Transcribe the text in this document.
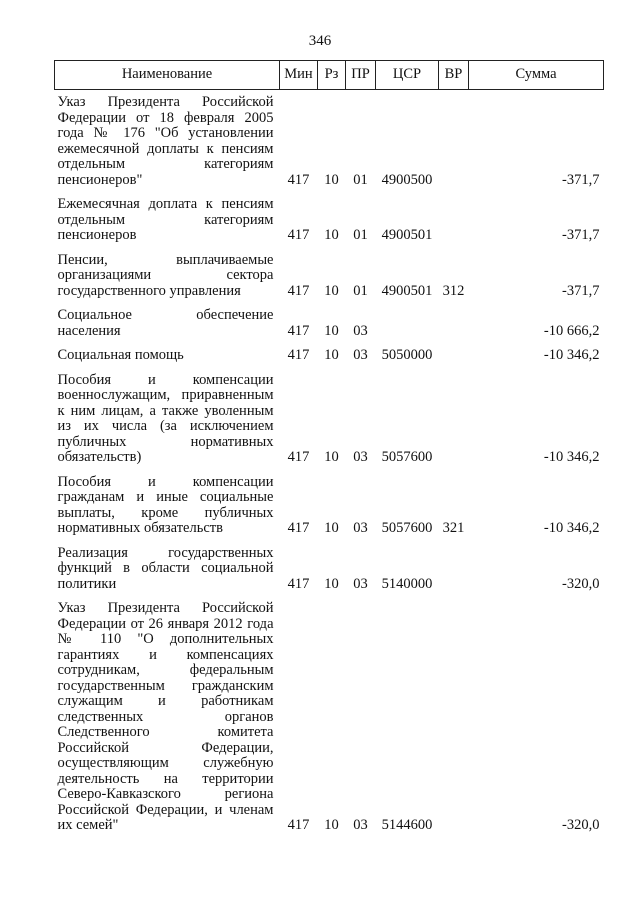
346
Наименование	Мин	Рз	ПР	ЦСР	ВР	Сумма
Указ Президента Российской Федерации от 18 февраля 2005 года № 176 "Об установлении ежемесячной доплаты к пенсиям отдельным категориям пенсионеров"	417	10	01	4900500		-371,7
Ежемесячная доплата к пенсиям отдельным категориям пенсионеров	417	10	01	4900501		-371,7
Пенсии, выплачиваемые организациями сектора государственного управления	417	10	01	4900501	312	-371,7
Социальное обеспечение населения	417	10	03			-10 666,2
Социальная помощь	417	10	03	5050000		-10 346,2
Пособия и компенсации военнослужащим, приравненным к ним лицам, а также уволенным из их числа (за исключением публичных нормативных обязательств)	417	10	03	5057600		-10 346,2
Пособия и компенсации гражданам и иные социальные выплаты, кроме публичных нормативных обязательств	417	10	03	5057600	321	-10 346,2
Реализация государственных функций в области социальной политики	417	10	03	5140000		-320,0
Указ Президента Российской Федерации от 26 января 2012 года № 110 "О дополнительных гарантиях и компенсациях сотрудникам, федеральным государственным гражданским служащим и работникам следственных органов Следственного комитета Российской Федерации, осуществляющим служебную деятельность на территории Северо-Кавказского региона Российской Федерации, и членам их семей"	417	10	03	5144600		-320,0
